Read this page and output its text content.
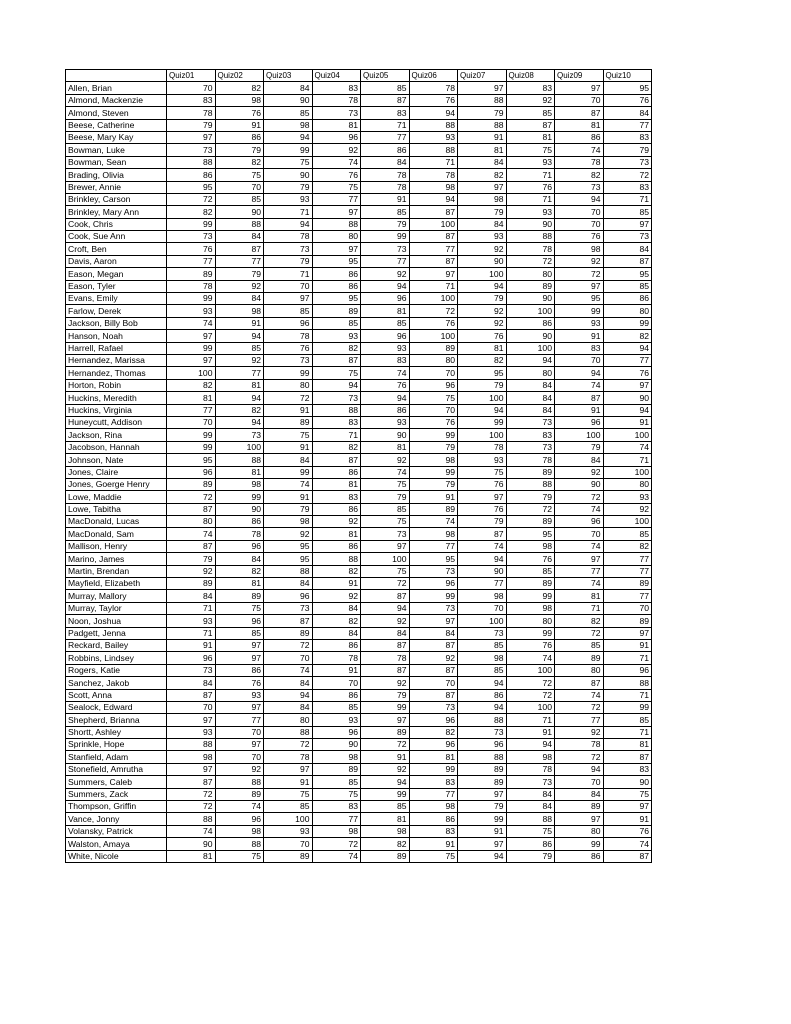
	Quiz01	Quiz02	Quiz03	Quiz04	Quiz05	Quiz06	Quiz07	Quiz08	Quiz09	Quiz10
Allen, Brian	70	82	84	83	85	78	97	83	97	95
Almond, Mackenzie	83	98	90	78	87	76	88	92	70	76
Almond, Steven	78	76	85	73	83	94	79	85	87	84
Beese, Catherine	79	91	98	81	71	88	88	87	81	77
Beese, Mary Kay	97	86	94	96	77	93	91	81	86	83
Bowman, Luke	73	79	99	92	86	88	81	75	74	79
Bowman, Sean	88	82	75	74	84	71	84	93	78	73
Brading, Olivia	86	75	90	76	78	78	82	71	82	72
Brewer, Annie	95	70	79	75	78	98	97	76	73	83
Brinkley, Carson	72	85	93	77	91	94	98	71	94	71
Brinkley, Mary Ann	82	90	71	97	85	87	79	93	70	85
Cook, Chris	99	88	94	88	79	100	84	90	70	97
Cook, Sue Ann	73	84	78	80	99	87	93	88	76	73
Croft, Ben	76	87	73	97	73	77	92	78	98	84
Davis, Aaron	77	77	79	95	77	87	90	72	92	87
Eason, Megan	89	79	71	86	92	97	100	80	72	95
Eason, Tyler	78	92	70	86	94	71	94	89	97	85
Evans, Emily	99	84	97	95	96	100	79	90	95	86
Farlow, Derek	93	98	85	89	81	72	92	100	99	80
Jackson, Billy Bob	74	91	96	85	85	76	92	86	93	99
Hanson, Noah	97	94	78	93	96	100	76	90	91	82
Harrell, Rafael	99	85	76	82	93	89	81	100	83	94
Hernandez, Marissa	97	92	73	87	83	80	82	94	70	77
Hernandez, Thomas	100	77	99	75	74	70	95	80	94	76
Horton, Robin	82	81	80	94	76	96	79	84	74	97
Huckins, Meredith	81	94	72	73	94	75	100	84	87	90
Huckins, Virginia	77	82	91	88	86	70	94	84	91	94
Huneycutt, Addison	70	94	89	83	93	76	99	73	96	91
Jackson, Rina	99	73	75	71	90	99	100	83	100	100
Jacobson, Hannah	99	100	91	82	81	79	78	73	79	74
Johnson, Nate	95	88	84	87	92	98	93	78	84	71
Jones, Claire	96	81	99	86	74	99	75	89	92	100
Jones, Goerge Henry	89	98	74	81	75	79	76	88	90	80
Lowe, Maddie	72	99	91	83	79	91	97	79	72	93
Lowe, Tabitha	87	90	79	86	85	89	76	72	74	92
MacDonald, Lucas	80	86	98	92	75	74	79	89	96	100
MacDonald, Sam	74	78	92	81	73	98	87	95	70	85
Mallison, Henry	87	96	95	86	97	77	74	98	74	82
Marino, James	79	84	95	88	100	95	94	76	97	77
Martin, Brendan	92	82	88	82	75	73	90	85	77	77
Mayfield, Elizabeth	89	81	84	91	72	96	77	89	74	89
Murray, Mallory	84	89	96	92	87	99	98	99	81	77
Murray, Taylor	71	75	73	84	94	73	70	98	71	70
Noon, Joshua	93	96	87	82	92	97	100	80	82	89
Padgett, Jenna	71	85	89	84	84	84	73	99	72	97
Reckard, Bailey	91	97	72	86	87	87	85	76	85	91
Robbins, Lindsey	96	97	70	78	78	92	98	74	89	71
Rogers, Katie	73	86	74	91	87	87	85	100	80	96
Sanchez, Jakob	84	76	84	70	92	70	94	72	87	88
Scott, Anna	87	93	94	86	79	87	86	72	74	71
Sealock, Edward	70	97	84	85	99	73	94	100	72	99
Shepherd, Brianna	97	77	80	93	97	96	88	71	77	85
Shortt, Ashley	93	70	88	96	89	82	73	91	92	71
Sprinkle, Hope	88	97	72	90	72	96	96	94	78	81
Stanfield, Adam	98	70	78	98	91	81	88	98	72	87
Stonefield, Amrutha	97	92	97	89	92	99	89	78	94	83
Summers, Caleb	87	88	91	85	94	83	89	73	70	90
Summers, Zack	72	89	75	75	99	77	97	84	84	75
Thompson, Griffin	72	74	85	83	85	98	79	84	89	97
Vance, Jonny	88	96	100	77	81	86	99	88	97	91
Volansky, Patrick	74	98	93	98	98	83	91	75	80	76
Walston, Amaya	90	88	70	72	82	91	97	86	99	74
White, Nicole	81	75	89	74	89	75	94	79	86	87
